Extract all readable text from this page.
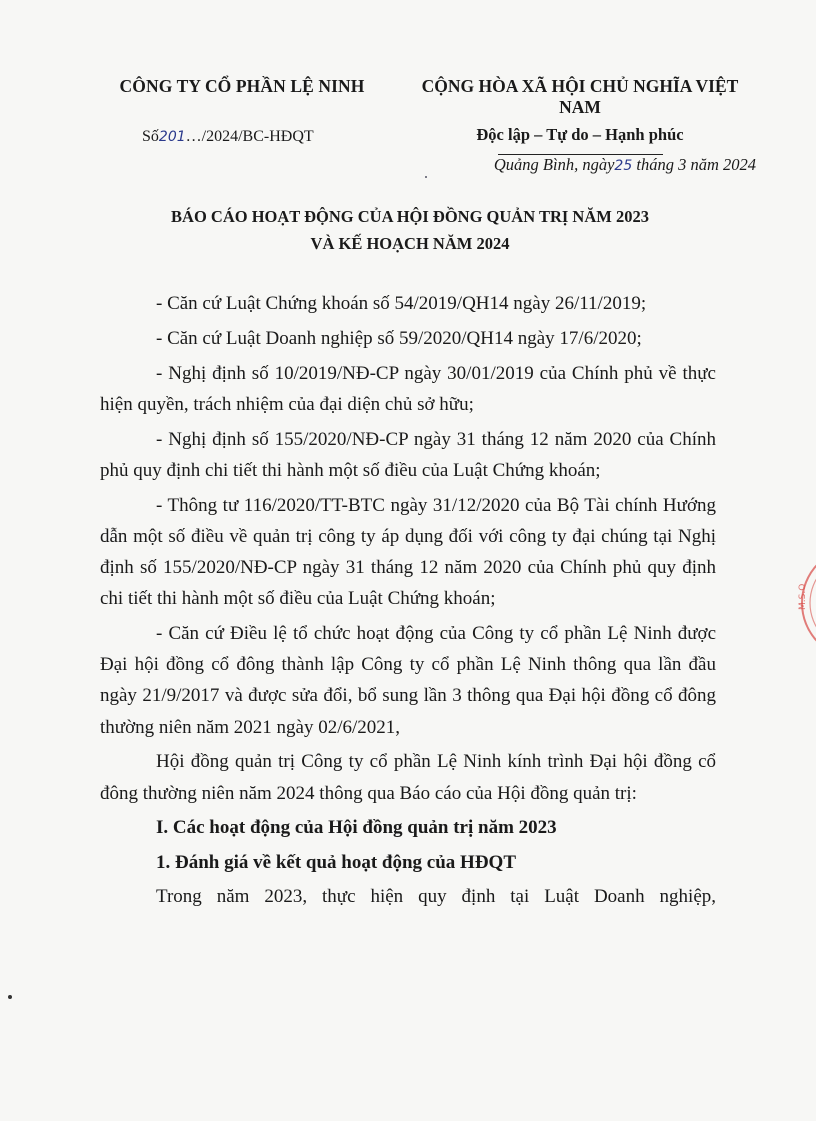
CÔNG TY CỔ PHẦN LỆ NINH
Số201…/2024/BC-HĐQT
CỘNG HÒA XÃ HỘI CHỦ NGHĨA VIỆT NAM
Độc lập – Tự do – Hạnh phúc
Quảng Bình, ngày25 tháng 3 năm 2024
BÁO CÁO HOẠT ĐỘNG CỦA HỘI ĐỒNG QUẢN TRỊ NĂM 2023
VÀ KẾ HOẠCH NĂM 2024

- Căn cứ Luật Chứng khoán số 54/2019/QH14 ngày 26/11/2019;

- Căn cứ Luật Doanh nghiệp số 59/2020/QH14 ngày 17/6/2020;

- Nghị định số 10/2019/NĐ-CP ngày 30/01/2019 của Chính phủ về thực hiện quyền, trách nhiệm của đại diện chủ sở hữu;

- Nghị định số 155/2020/NĐ-CP ngày 31 tháng 12 năm 2020 của Chính phủ quy định chi tiết thi hành một số điều của Luật Chứng khoán;

- Thông tư 116/2020/TT-BTC ngày 31/12/2020 của Bộ Tài chính Hướng dẫn một số điều về quản trị công ty áp dụng đối với công ty đại chúng tại Nghị định số 155/2020/NĐ-CP ngày 31 tháng 12 năm 2020 của Chính phủ quy định chi tiết thi hành một số điều của Luật Chứng khoán;

- Căn cứ Điều lệ tổ chức hoạt động của Công ty cổ phần Lệ Ninh được Đại hội đồng cổ đông thành lập Công ty cổ phần Lệ Ninh thông qua lần đầu ngày 21/9/2017 và được sửa đổi, bổ sung lần 3 thông qua Đại hội đồng cổ đông thường niên năm 2021 ngày 02/6/2021,

Hội đồng quản trị Công ty cổ phần Lệ Ninh kính trình Đại hội đồng cổ đông thường niên năm 2024 thông qua Báo cáo của Hội đồng quản trị:

I. Các hoạt động của Hội đồng quản trị năm 2023

1. Đánh giá về kết quả hoạt động của HĐQT

Trong năm 2023, thực hiện quy định tại Luật Doanh nghiệp,

M.S.O
